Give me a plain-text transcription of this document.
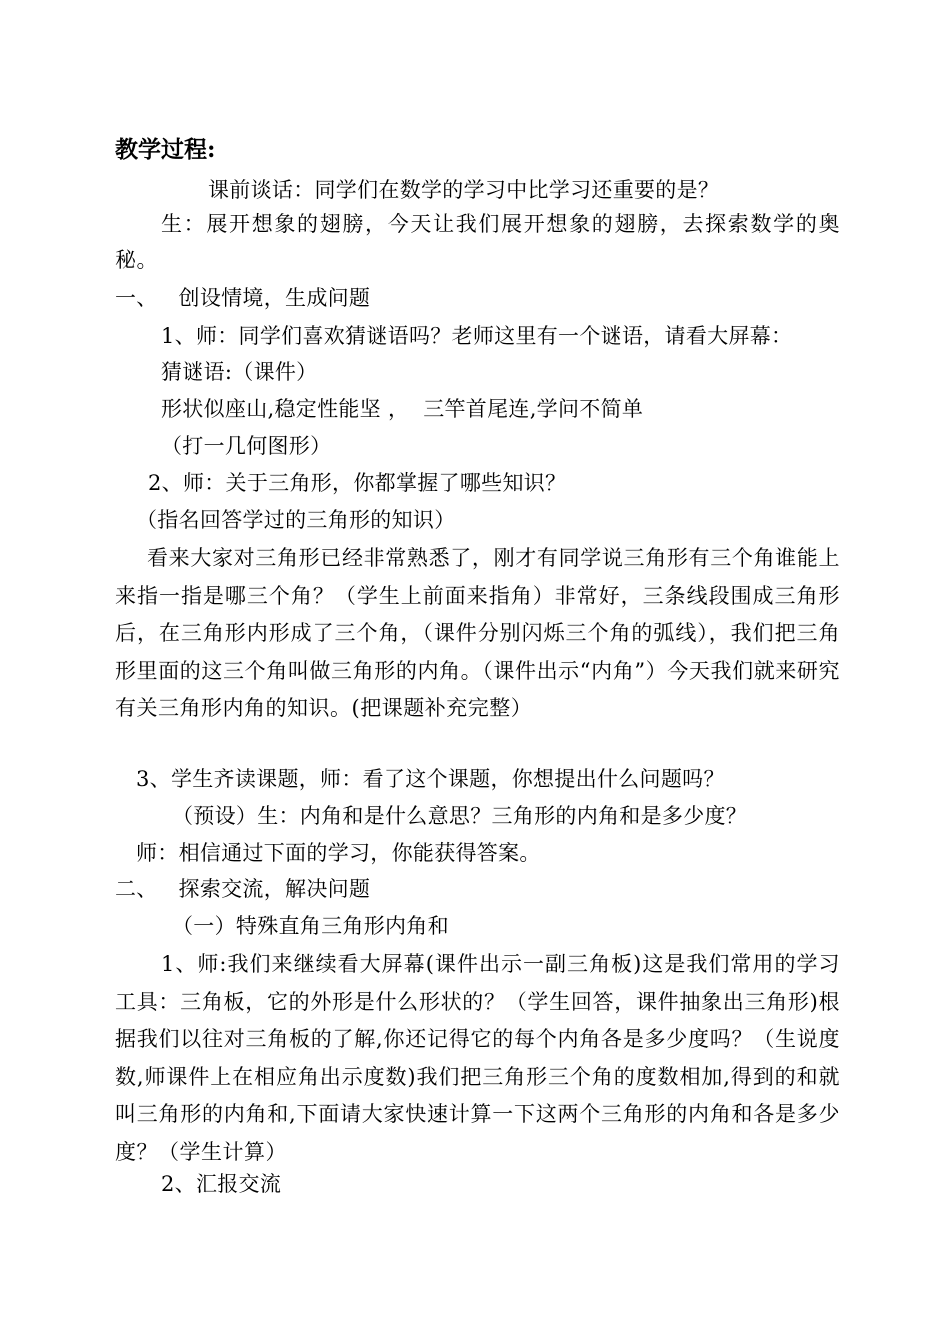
教学过程:
课前谈话：同学们在数学的学习中比学习还重要的是？
生：展开想象的翅膀，今天让我们展开想象的翅膀，去探索数学的奥秘。
一、   创设情境，生成问题
1、师：同学们喜欢猜谜语吗？老师这里有一个谜语，请看大屏幕：
猜谜语:（课件）
形状似座山,稳定性能坚 ，  三竿首尾连,学问不简单
（打一几何图形）
2、师：关于三角形，你都掌握了哪些知识？
（指名回答学过的三角形的知识）
看来大家对三角形已经非常熟悉了，刚才有同学说三角形有三个角谁能上来指一指是哪三个角？（学生上前面来指角）非常好，三条线段围成三角形后，在三角形内形成了三个角，（课件分别闪烁三个角的弧线），我们把三角形里面的这三个角叫做三角形的内角。（课件出示“内角”）今天我们就来研究有关三角形内角的知识。(把课题补充完整）
3、学生齐读课题，师：看了这个课题，你想提出什么问题吗？
（预设）生：内角和是什么意思？三角形的内角和是多少度？
师：相信通过下面的学习，你能获得答案。
二、   探索交流，解决问题
（一）特殊直角三角形内角和
1、师:我们来继续看大屏幕(课件出示一副三角板)这是我们常用的学习工具：三角板，它的外形是什么形状的？（学生回答，课件抽象出三角形)根据我们以往对三角板的了解,你还记得它的每个内角各是多少度吗？（生说度数,师课件上在相应角出示度数)我们把三角形三个角的度数相加,得到的和就叫三角形的内角和,下面请大家快速计算一下这两个三角形的内角和各是多少度？（学生计算）
2、汇报交流
